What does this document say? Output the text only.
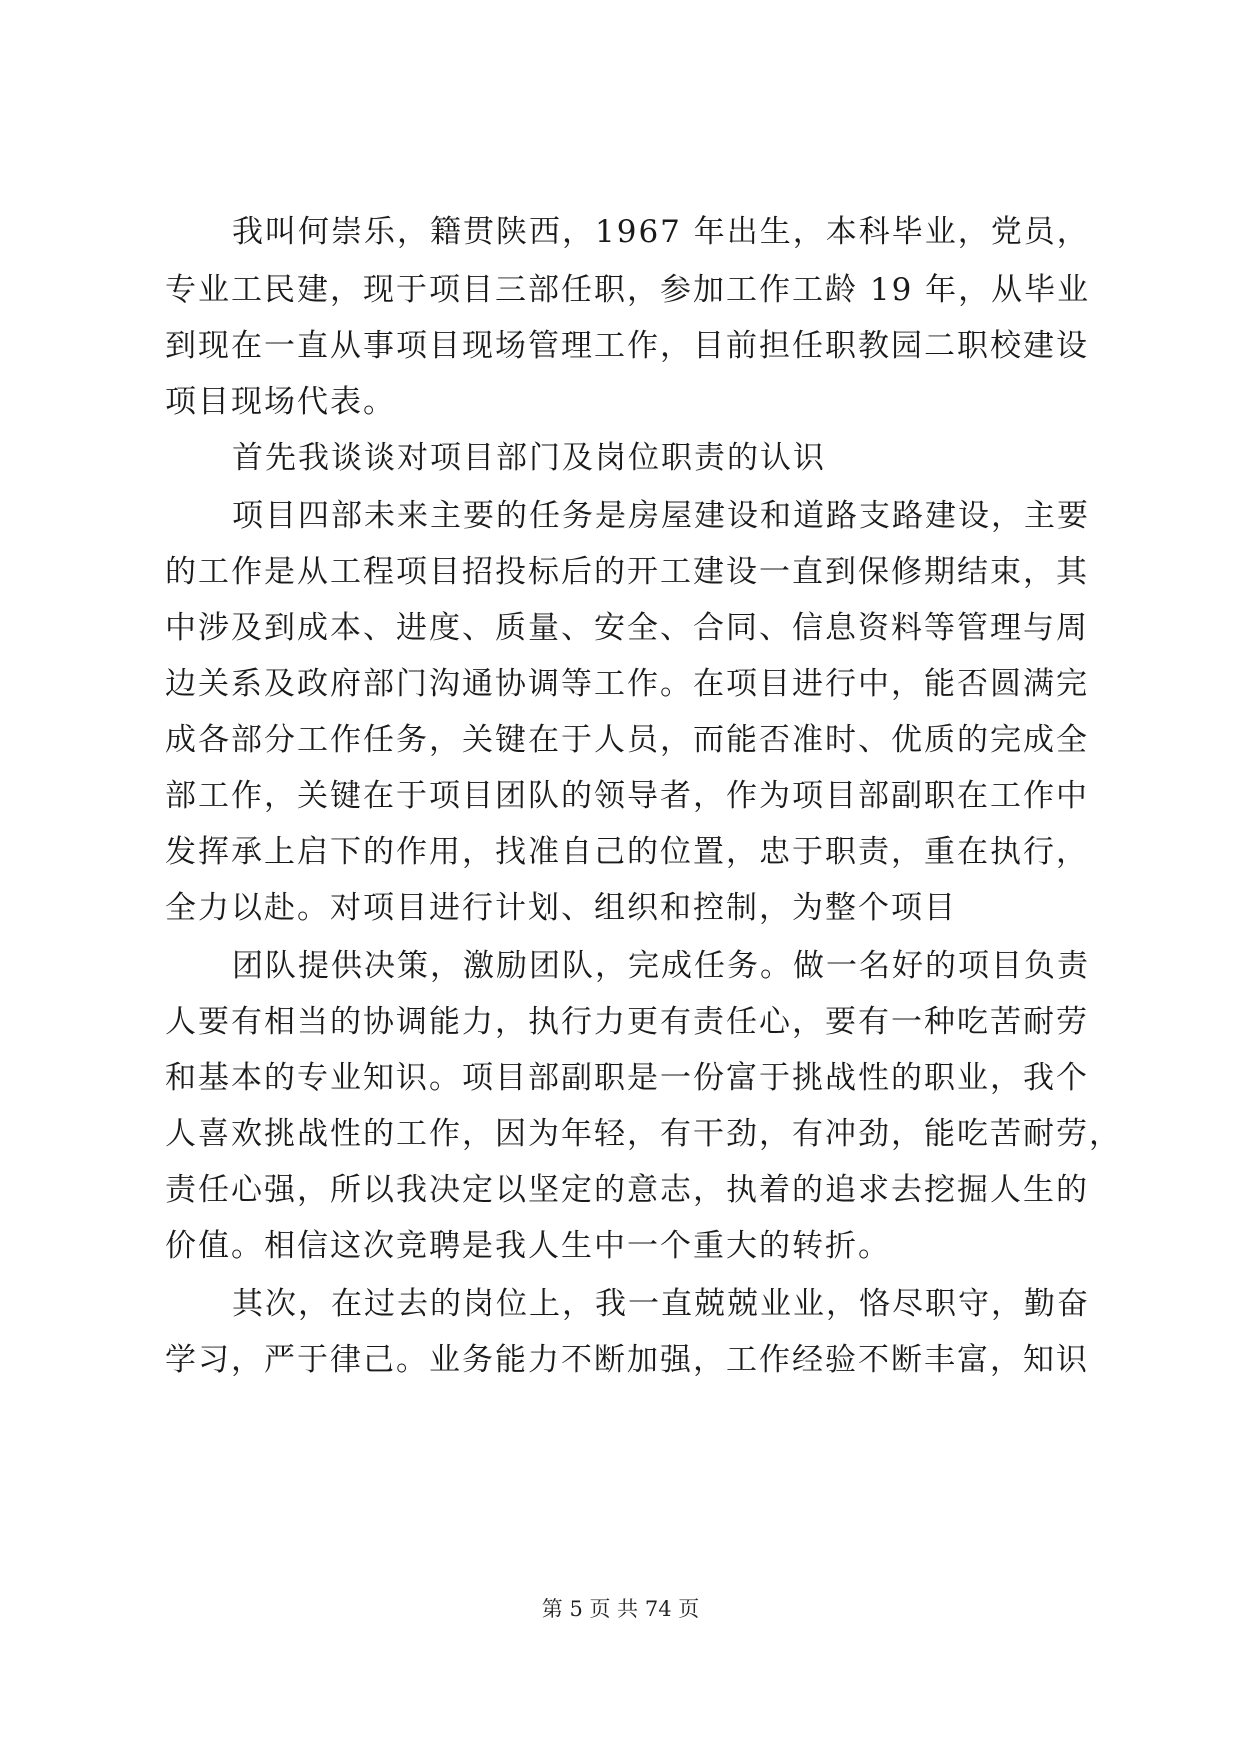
我叫何崇乐，籍贯陕西，1967 年出生，本科毕业，党员，
专业工民建，现于项目三部任职，参加工作工龄 19 年，从毕业
到现在一直从事项目现场管理工作，目前担任职教园二职校建设
项目现场代表。
首先我谈谈对项目部门及岗位职责的认识
项目四部未来主要的任务是房屋建设和道路支路建设，主要
的工作是从工程项目招投标后的开工建设一直到保修期结束，其
中涉及到成本、进度、质量、安全、合同、信息资料等管理与周
边关系及政府部门沟通协调等工作。在项目进行中，能否圆满完
成各部分工作任务，关键在于人员，而能否准时、优质的完成全
部工作，关键在于项目团队的领导者，作为项目部副职在工作中
发挥承上启下的作用，找准自己的位置，忠于职责，重在执行，
全力以赴。对项目进行计划、组织和控制，为整个项目
团队提供决策，激励团队，完成任务。做一名好的项目负责
人要有相当的协调能力，执行力更有责任心，要有一种吃苦耐劳
和基本的专业知识。项目部副职是一份富于挑战性的职业，我个
人喜欢挑战性的工作，因为年轻，有干劲，有冲劲，能吃苦耐劳，
责任心强，所以我决定以坚定的意志，执着的追求去挖掘人生的
价值。相信这次竞聘是我人生中一个重大的转折。
其次，在过去的岗位上，我一直兢兢业业，恪尽职守，勤奋
学习，严于律己。业务能力不断加强，工作经验不断丰富，知识
第 5 页 共 74 页
